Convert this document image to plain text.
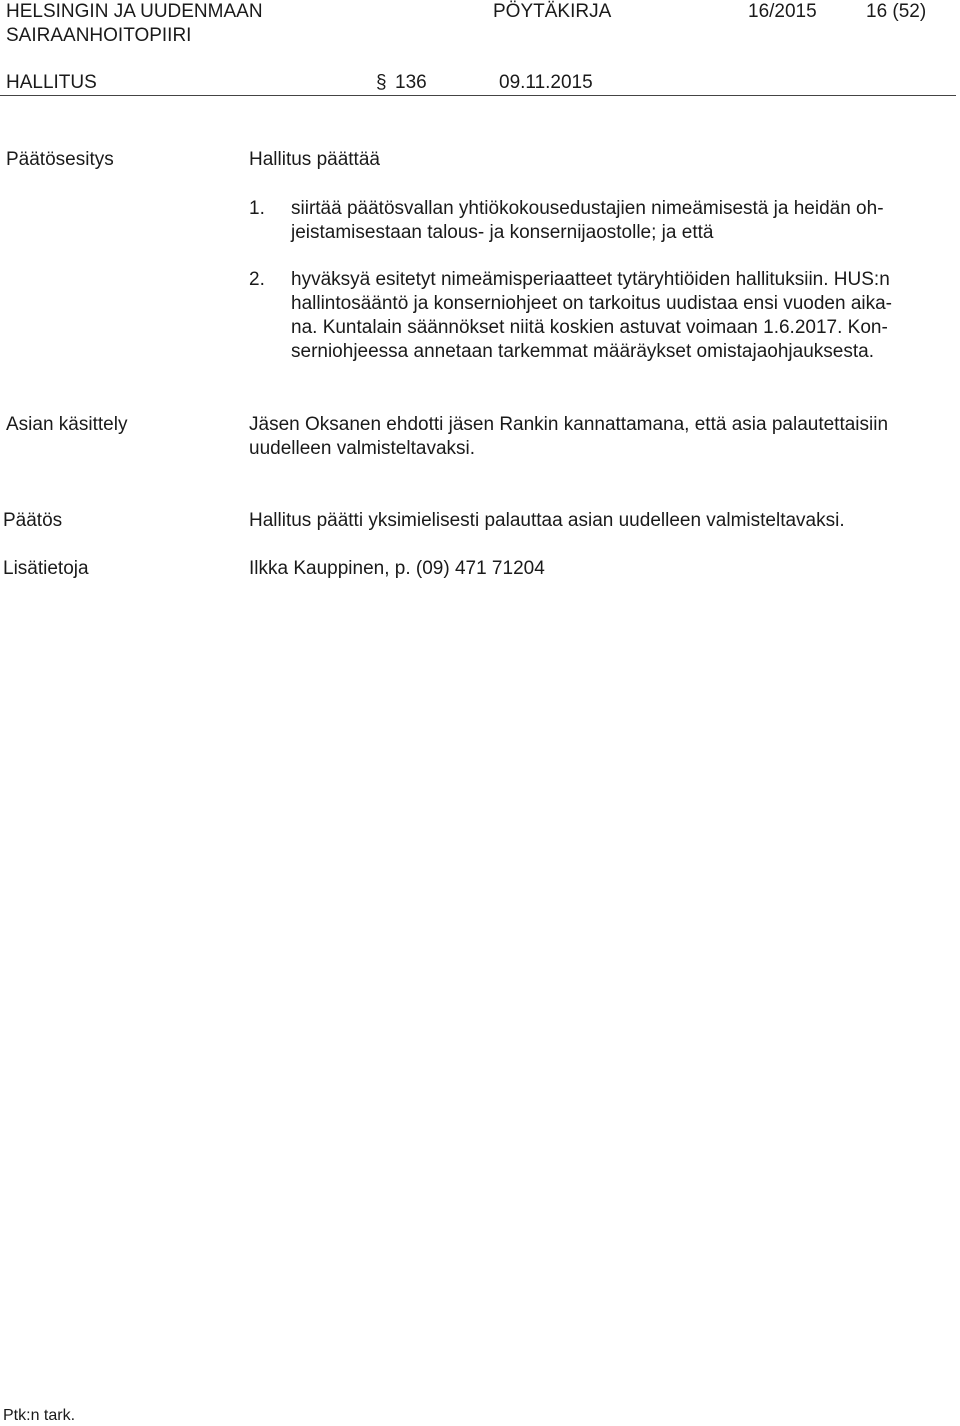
HELSINGIN JA UUDENMAAN
SAIRAANHOITOPIIRI
PÖYTÄKIRJA	16/2015	16 (52)
HALLITUS	§ 136	09.11.2015
Päätösesitys	Hallitus päättää
1. siirtää päätösvallan yhtiökokousedustajien nimeämisestä ja heidän oh-
jeistamisestaan talous- ja konsernijaostolle; ja että
2. hyväksyä esitetyt nimeämisperiaatteet tytäryhtiöiden hallituksiin. HUS:n
hallintosääntö ja konserniohjeet on tarkoitus uudistaa ensi vuoden aika-
na. Kuntalain säännökset niitä koskien astuvat voimaan 1.6.2017. Kon-
serniohjeessa annetaan tarkemmat määräykset omistajaohjauksesta.
Asian käsittely	Jäsen Oksanen ehdotti jäsen Rankin kannattamana, että asia palautettaisiin
uudelleen valmisteltavaksi.
Päätös	Hallitus päätti yksimielisesti palauttaa asian uudelleen valmisteltavaksi.
Lisätietoja	Ilkka Kauppinen, p. (09) 471 71204
Ptk:n tark.
